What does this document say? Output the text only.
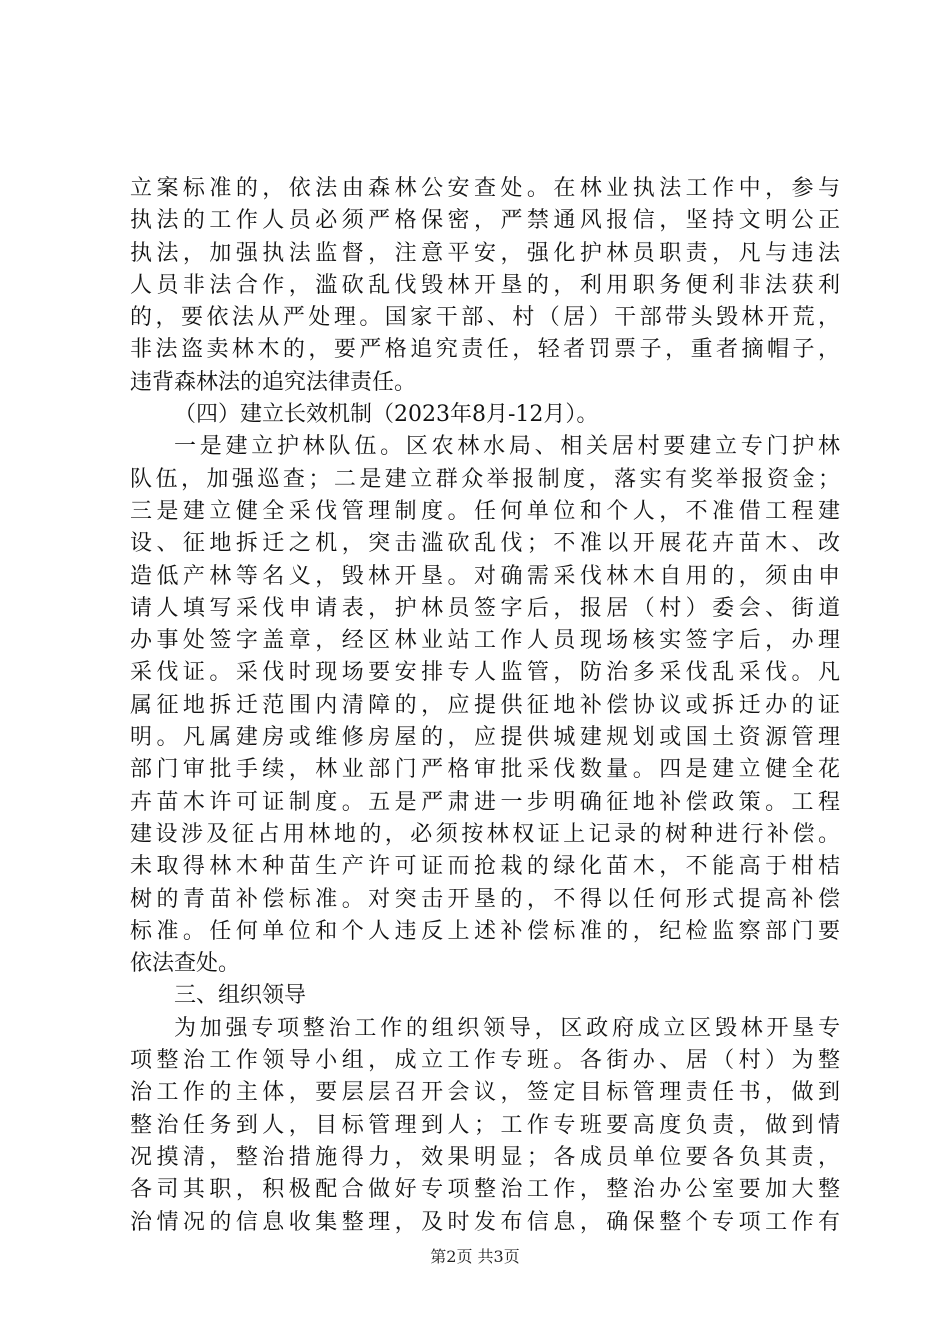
立案标准的，依法由森林公安查处。在林业执法工作中，参与
执法的工作人员必须严格保密，严禁通风报信，坚持文明公正
执法，加强执法监督，注意平安，强化护林员职责，凡与违法
人员非法合作，滥砍乱伐毁林开垦的，利用职务便利非法获利
的，要依法从严处理。国家干部、村（居）干部带头毁林开荒，
非法盗卖林木的，要严格追究责任，轻者罚票子，重者摘帽子，
违背森林法的追究法律责任。
（四）建立长效机制（2023年8月-12月）。
一是建立护林队伍。区农林水局、相关居村要建立专门护林
队伍，加强巡查；二是建立群众举报制度，落实有奖举报资金；
三是建立健全采伐管理制度。任何单位和个人，不准借工程建
设、征地拆迁之机，突击滥砍乱伐；不准以开展花卉苗木、改
造低产林等名义，毁林开垦。对确需采伐林木自用的，须由申
请人填写采伐申请表，护林员签字后，报居（村）委会、街道
办事处签字盖章，经区林业站工作人员现场核实签字后，办理
采伐证。采伐时现场要安排专人监管，防治多采伐乱采伐。凡
属征地拆迁范围内清障的，应提供征地补偿协议或拆迁办的证
明。凡属建房或维修房屋的，应提供城建规划或国土资源管理
部门审批手续，林业部门严格审批采伐数量。四是建立健全花
卉苗木许可证制度。五是严肃进一步明确征地补偿政策。工程
建设涉及征占用林地的，必须按林权证上记录的树种进行补偿。
未取得林木种苗生产许可证而抢栽的绿化苗木，不能高于柑桔
树的青苗补偿标准。对突击开垦的，不得以任何形式提高补偿
标准。任何单位和个人违反上述补偿标准的，纪检监察部门要
依法查处。
三、组织领导
为加强专项整治工作的组织领导，区政府成立区毁林开垦专
项整治工作领导小组，成立工作专班。各街办、居（村）为整
治工作的主体，要层层召开会议，签定目标管理责任书，做到
整治任务到人，目标管理到人；工作专班要高度负责，做到情
况摸清，整治措施得力，效果明显；各成员单位要各负其责，
各司其职，积极配合做好专项整治工作，整治办公室要加大整
治情况的信息收集整理，及时发布信息，确保整个专项工作有
第2页 共3页
